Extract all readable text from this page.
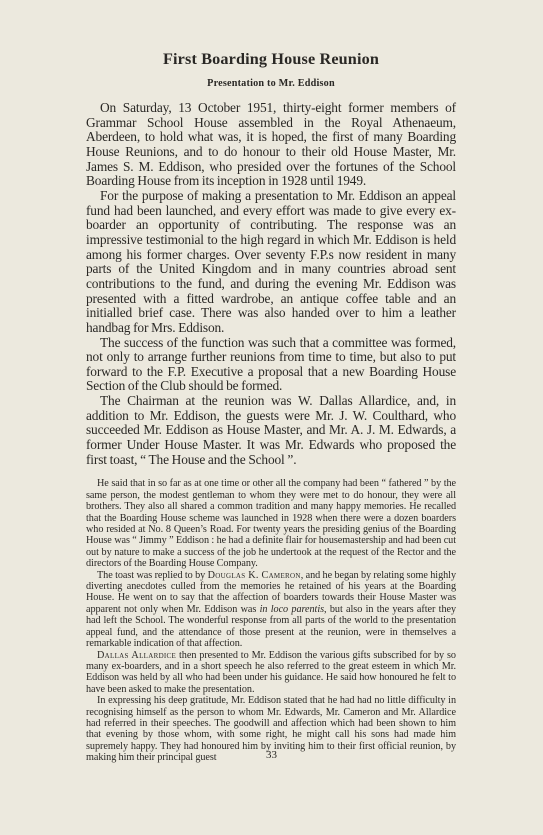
First Boarding House Reunion
Presentation to Mr. Eddison

On Saturday, 13 October 1951, thirty-eight former members of Grammar School House assembled in the Royal Athenaeum, Aberdeen, to hold what was, it is hoped, the first of many Boarding House Reunions, and to do honour to their old House Master, Mr. James S. M. Eddison, who presided over the fortunes of the School Boarding House from its inception in 1928 until 1949.

For the purpose of making a presentation to Mr. Eddison an appeal fund had been launched, and every effort was made to give every ex-boarder an opportunity of contributing. The response was an impressive testimonial to the high regard in which Mr. Eddison is held among his former charges. Over seventy F.P.s now resident in many parts of the United Kingdom and in many countries abroad sent contributions to the fund, and during the evening Mr. Eddison was presented with a fitted wardrobe, an antique coffee table and an initialled brief case. There was also handed over to him a leather handbag for Mrs. Eddison.

The success of the function was such that a committee was formed, not only to arrange further reunions from time to time, but also to put forward to the F.P. Executive a proposal that a new Boarding House Section of the Club should be formed.

The Chairman at the reunion was W. Dallas Allardice, and, in addition to Mr. Eddison, the guests were Mr. J. W. Coulthard, who succeeded Mr. Eddison as House Master, and Mr. A. J. M. Edwards, a former Under House Master. It was Mr. Edwards who proposed the first toast, “ The House and the School ”.

He said that in so far as at one time or other all the company had been “ fathered ” by the same person, the modest gentleman to whom they were met to do honour, they were all brothers. They also all shared a common tradition and many happy memories. He recalled that the Boarding House scheme was launched in 1928 when there were a dozen boarders who resided at No. 8 Queen’s Road. For twenty years the presiding genius of the Boarding House was “ Jimmy ” Eddison : he had a definite flair for housemastership and had been cut out by nature to make a success of the job he undertook at the request of the Rector and the directors of the Boarding House Company.

The toast was replied to by Douglas K. Cameron, and he began by relating some highly diverting anecdotes culled from the memories he retained of his years at the Boarding House. He went on to say that the affection of boarders towards their House Master was apparent not only when Mr. Eddison was in loco parentis, but also in the years after they had left the School. The wonderful response from all parts of the world to the presentation appeal fund, and the attendance of those present at the reunion, were in themselves a remarkable indication of that affection.

Dallas Allardice then presented to Mr. Eddison the various gifts subscribed for by so many ex-boarders, and in a short speech he also referred to the great esteem in which Mr. Eddison was held by all who had been under his guidance. He said how honoured he felt to have been asked to make the presentation.

In expressing his deep gratitude, Mr. Eddison stated that he had had no little difficulty in recognising himself as the person to whom Mr. Edwards, Mr. Cameron and Mr. Allardice had referred in their speeches. The goodwill and affection which had been shown to him that evening by those whom, with some right, he might call his sons had made him supremely happy. They had honoured him by inviting him to their first official reunion, by making him their principal guest	33
